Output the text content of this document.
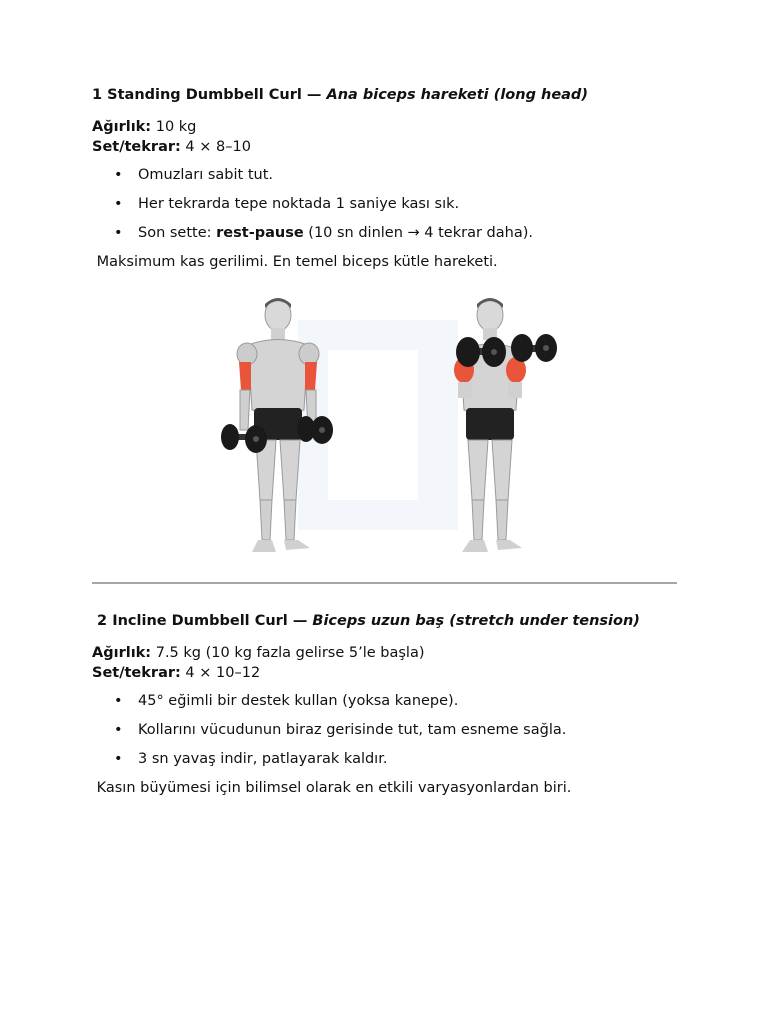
1 Standing Dumbbell Curl — Ana biceps hareketi (long head)

Ağırlık: 10 kg

Set/tekrar: 4 × 8–10

• Omuzları sabit tut.
• Her tekrarda tepe noktada 1 saniye kası sık.
• Son sette: rest-pause (10 sn dinlen → 4 tekrar daha).

Maksimum kas gerilimi. En temel biceps kütle hareketi.

2 Incline Dumbbell Curl — Biceps uzun baş (stretch under tension)

Ağırlık: 7.5 kg (10 kg fazla gelirse 5’le başla)

Set/tekrar: 4 × 10–12

• 45° eğimli bir destek kullan (yoksa kanepe).
• Kollarını vücudunun biraz gerisinde tut, tam esneme sağla.
• 3 sn yavaş indir, patlayarak kaldır.

Kasın büyümesi için bilimsel olarak en etkili varyasyonlardan biri.
